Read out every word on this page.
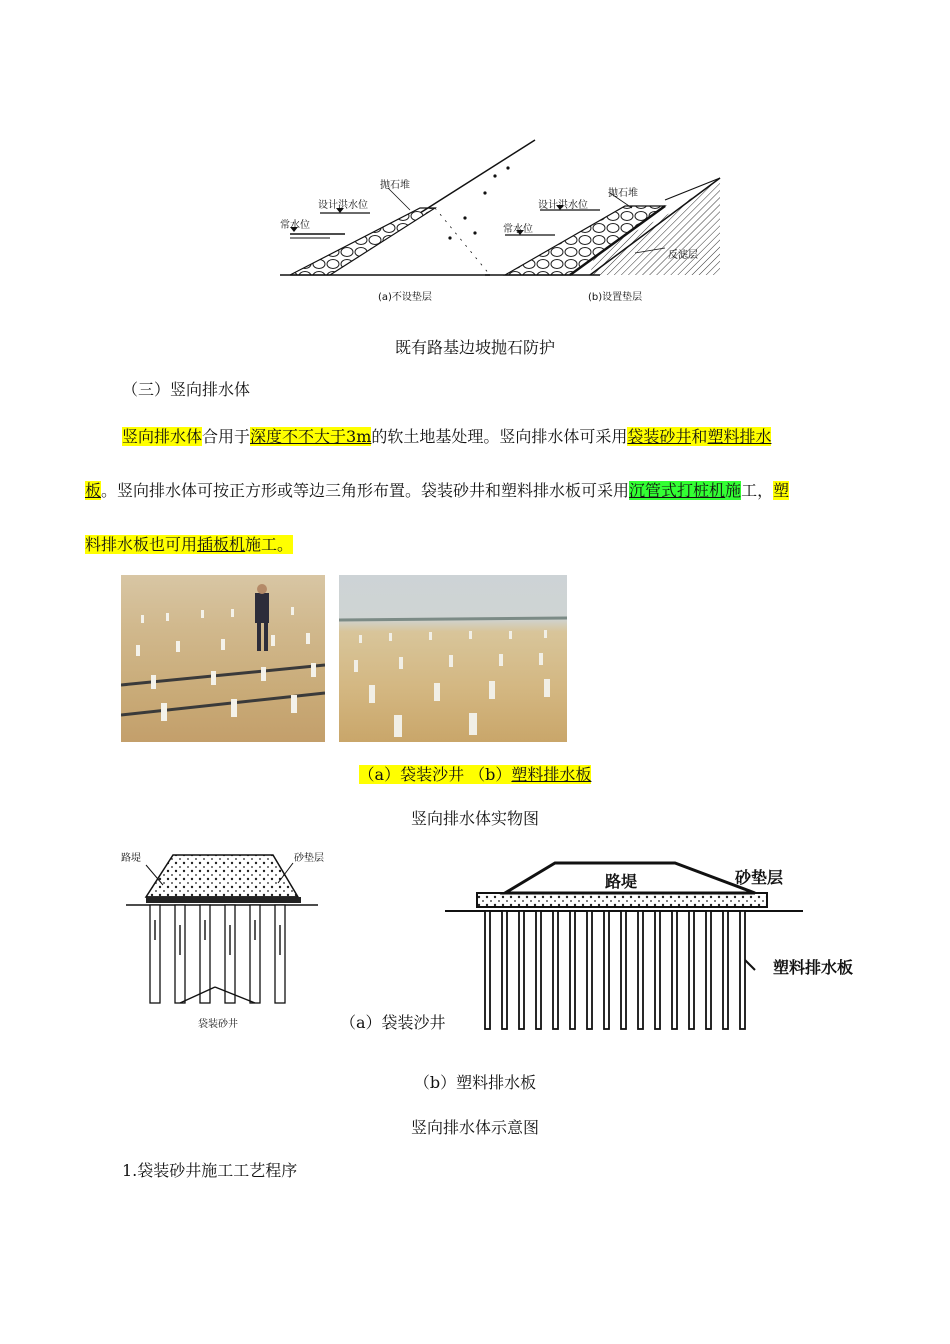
抛石堆
设计洪水位
常水位
(a)不设垫层
抛石堆
设计洪水位
常水位
反滤层
(b)设置垫层
既有路基边坡抛石防护
（三）竖向排水体
竖向排水体合用于深度不不大于3m的软土地基处理。竖向排水体可采用袋装砂井和塑料排水
板。竖向排水体可按正方形或等边三角形布置。袋装砂井和塑料排水板可采用沉管式打桩机施工，塑
料排水板也可用插板机施工。
（a）袋装沙井 （b）塑料排水板
竖向排水体实物图
路堤	砂垫层
袋装砂井	（a）袋装沙井
路堤	砂垫层
塑料排水板
（b）塑料排水板
竖向排水体示意图
1.袋装砂井施工工艺程序
